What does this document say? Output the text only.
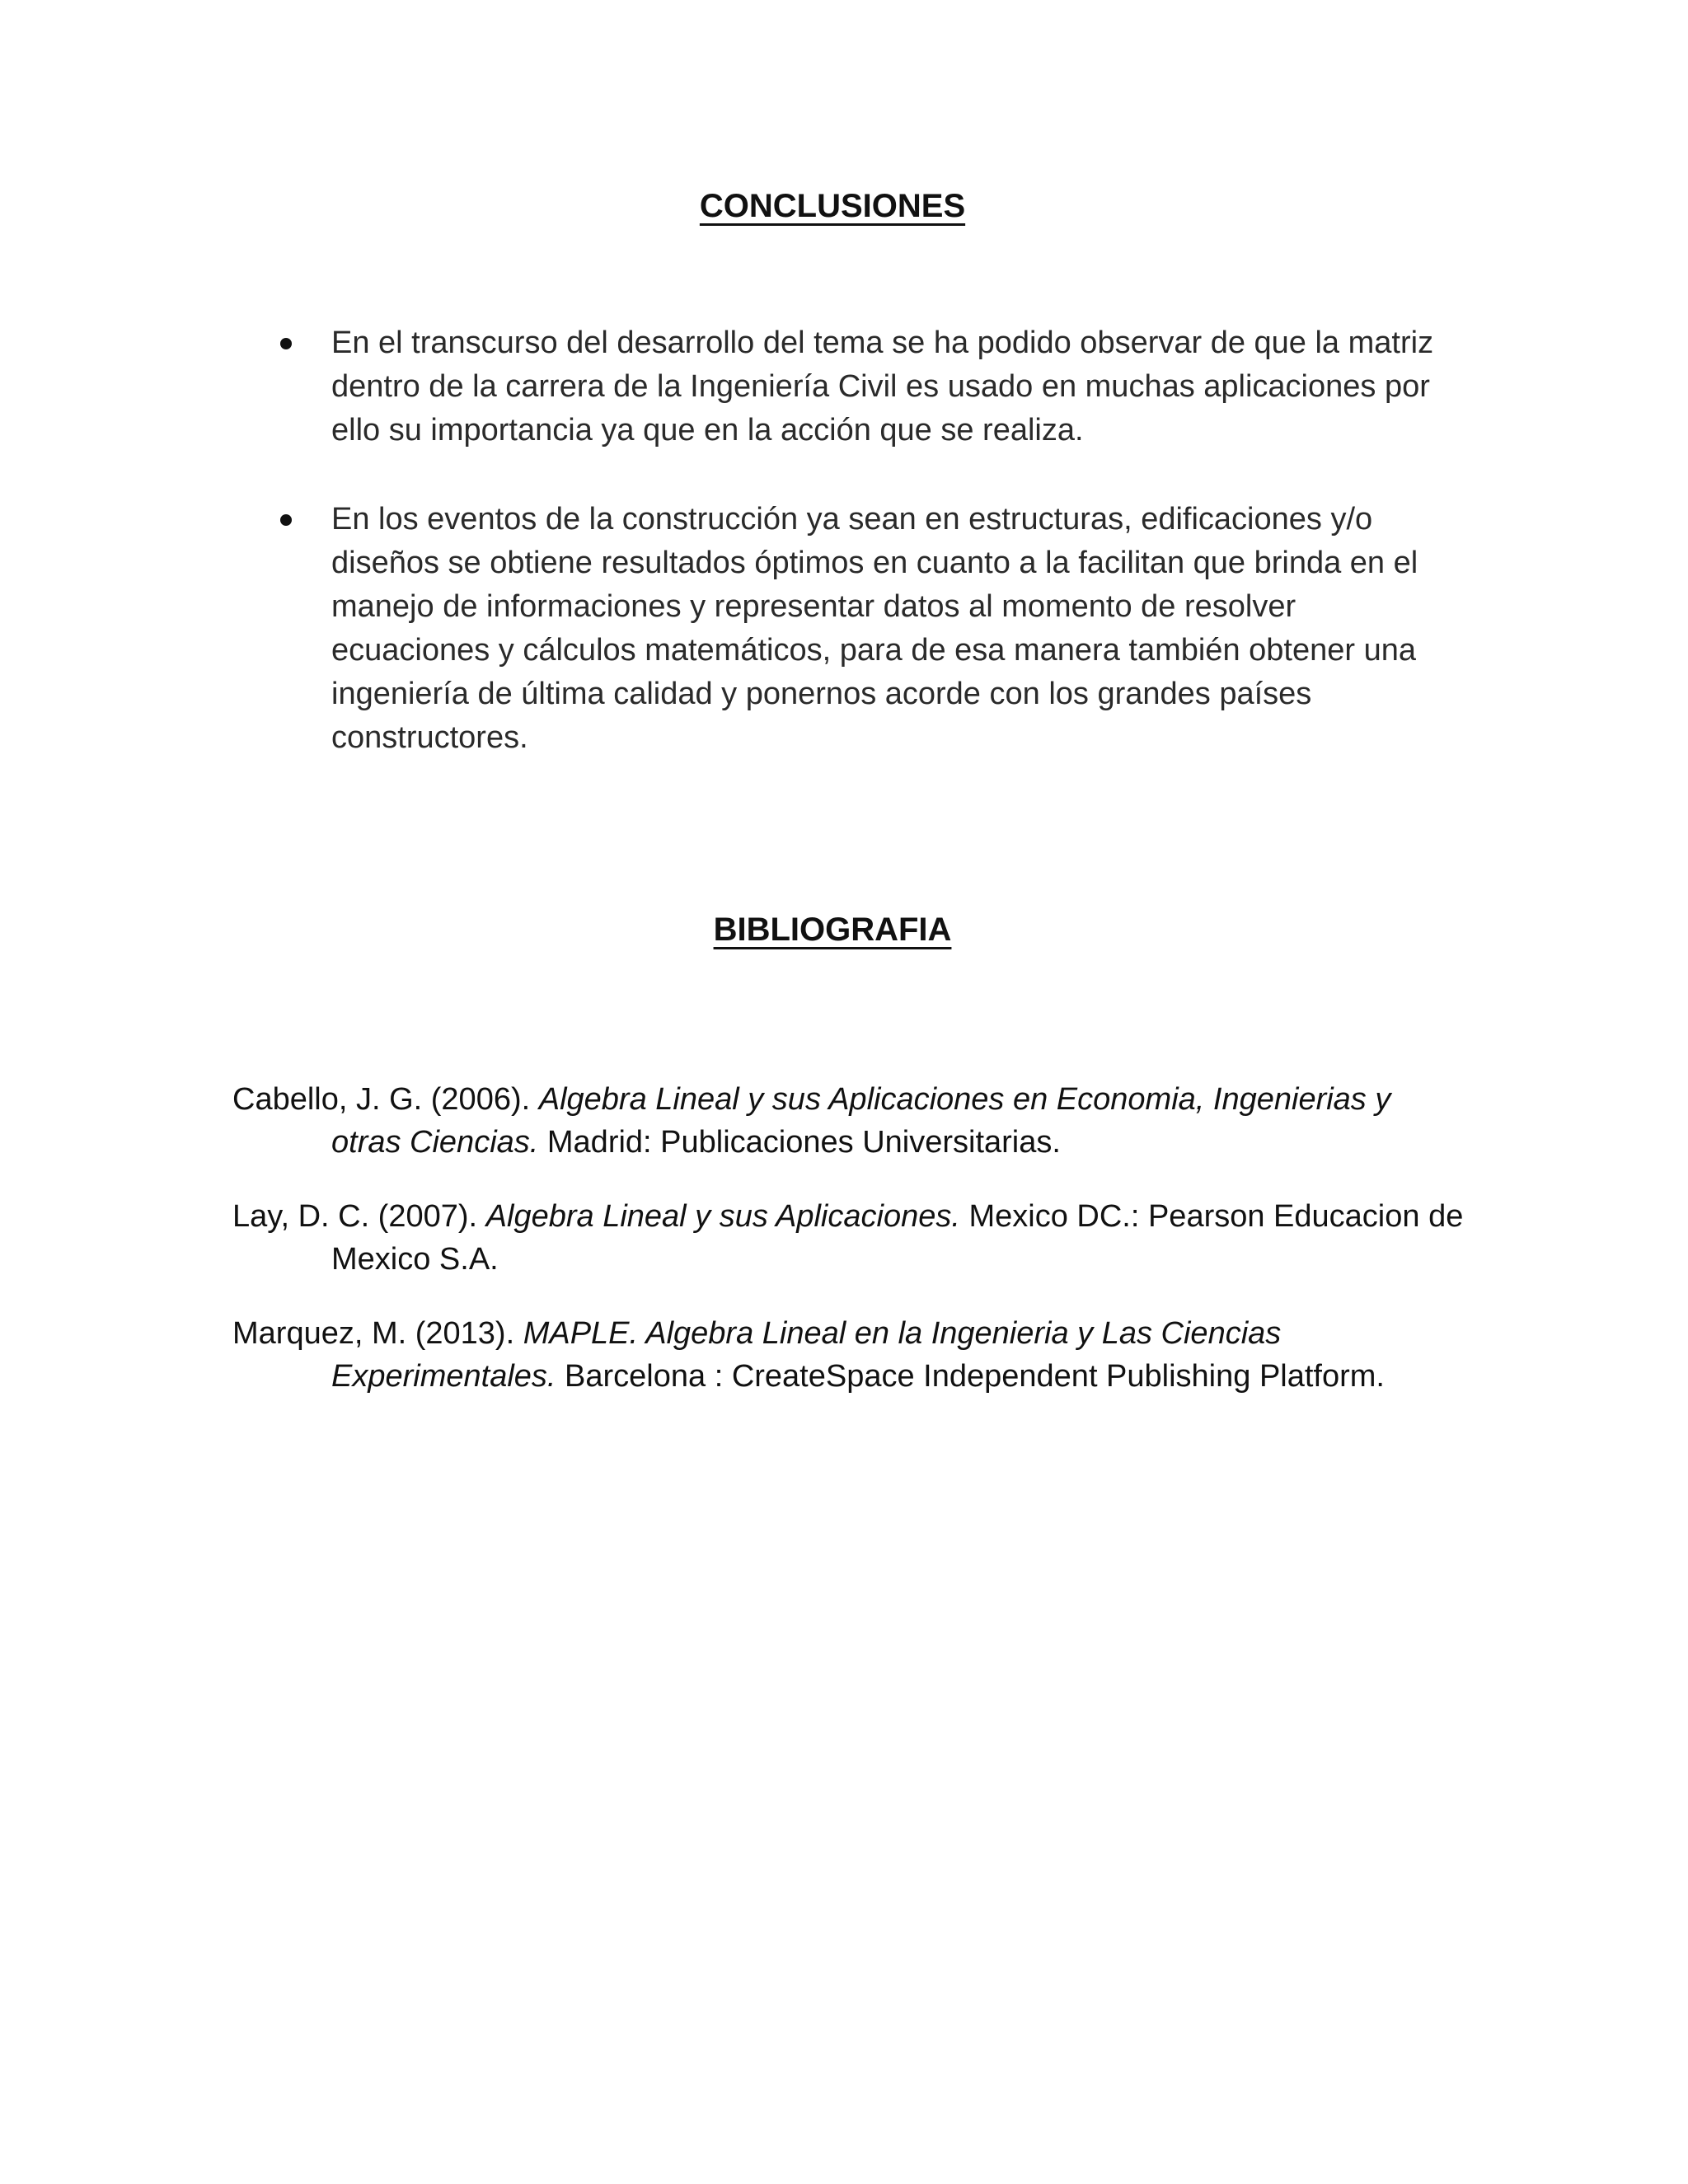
CONCLUSIONES
En el transcurso del desarrollo del tema se ha podido observar de que la matriz dentro de la carrera de la Ingeniería Civil es usado en muchas aplicaciones por ello su importancia ya que en la acción que se realiza.
En los eventos de la construcción ya sean en estructuras, edificaciones y/o diseños se obtiene resultados óptimos en cuanto a la facilitan que brinda en el manejo de informaciones y representar datos al momento de resolver ecuaciones y cálculos matemáticos, para de esa manera también obtener una ingeniería de última calidad y ponernos acorde con los grandes países constructores.
BIBLIOGRAFIA

Cabello, J. G. (2006). Algebra Lineal y sus Aplicaciones en Economia, Ingenierias y otras Ciencias. Madrid: Publicaciones Universitarias.

Lay, D. C. (2007). Algebra Lineal y sus Aplicaciones. Mexico DC.: Pearson Educacion de Mexico S.A.

Marquez, M. (2013). MAPLE. Algebra Lineal en la Ingenieria y Las Ciencias Experimentales. Barcelona : CreateSpace Independent Publishing Platform.
